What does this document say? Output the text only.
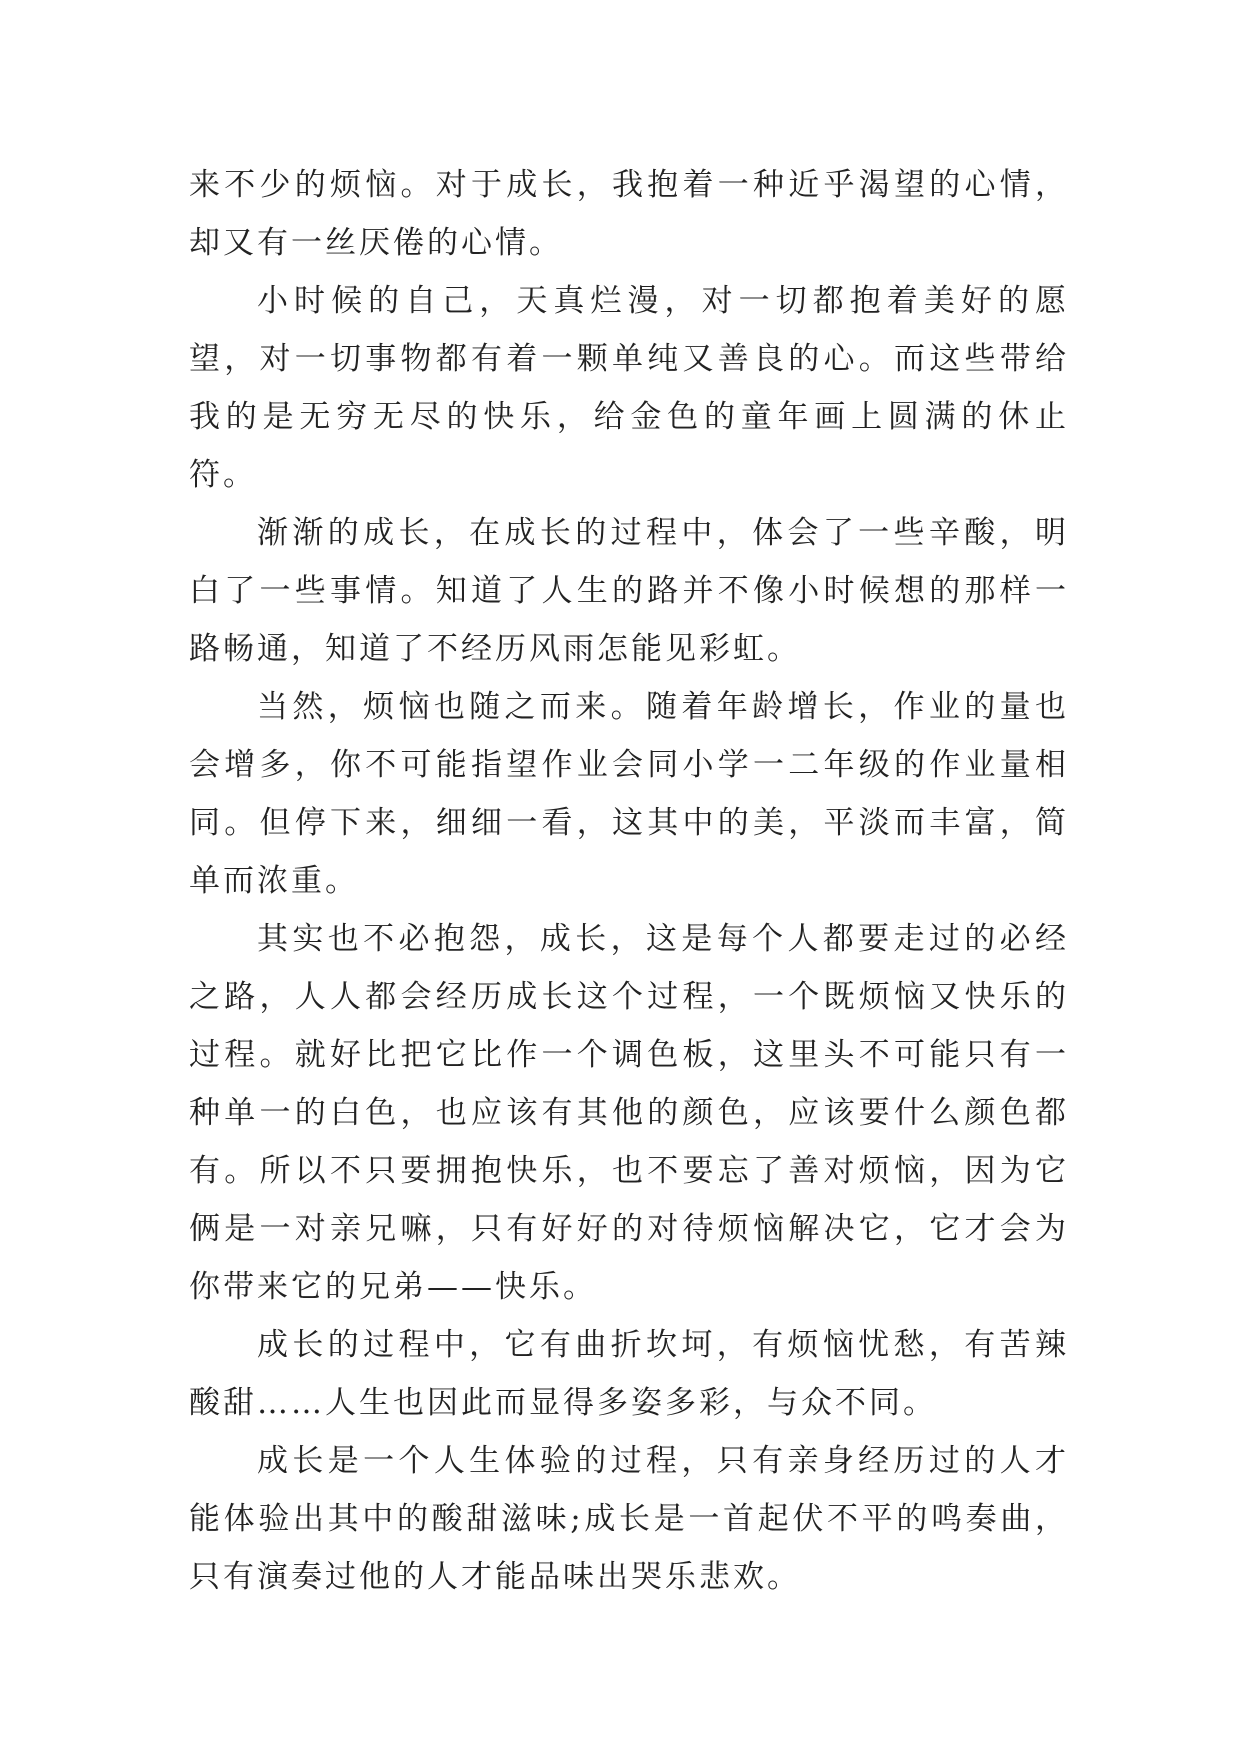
来不少的烦恼。对于成长，我抱着一种近乎渴望的心情，却又有一丝厌倦的心情。

小时候的自己，天真烂漫，对一切都抱着美好的愿望，对一切事物都有着一颗单纯又善良的心。而这些带给我的是无穷无尽的快乐，给金色的童年画上圆满的休止符。

渐渐的成长，在成长的过程中，体会了一些辛酸，明白了一些事情。知道了人生的路并不像小时候想的那样一路畅通，知道了不经历风雨怎能见彩虹。

当然，烦恼也随之而来。随着年龄增长，作业的量也会增多，你不可能指望作业会同小学一二年级的作业量相同。但停下来，细细一看，这其中的美，平淡而丰富，简单而浓重。

其实也不必抱怨，成长，这是每个人都要走过的必经之路，人人都会经历成长这个过程，一个既烦恼又快乐的过程。就好比把它比作一个调色板，这里头不可能只有一种单一的白色，也应该有其他的颜色，应该要什么颜色都有。所以不只要拥抱快乐，也不要忘了善对烦恼，因为它俩是一对亲兄嘛，只有好好的对待烦恼解决它，它才会为你带来它的兄弟——快乐。

成长的过程中，它有曲折坎坷，有烦恼忧愁，有苦辣酸甜……人生也因此而显得多姿多彩，与众不同。

成长是一个人生体验的过程，只有亲身经历过的人才能体验出其中的酸甜滋味;成长是一首起伏不平的鸣奏曲，只有演奏过他的人才能品味出哭乐悲欢。
